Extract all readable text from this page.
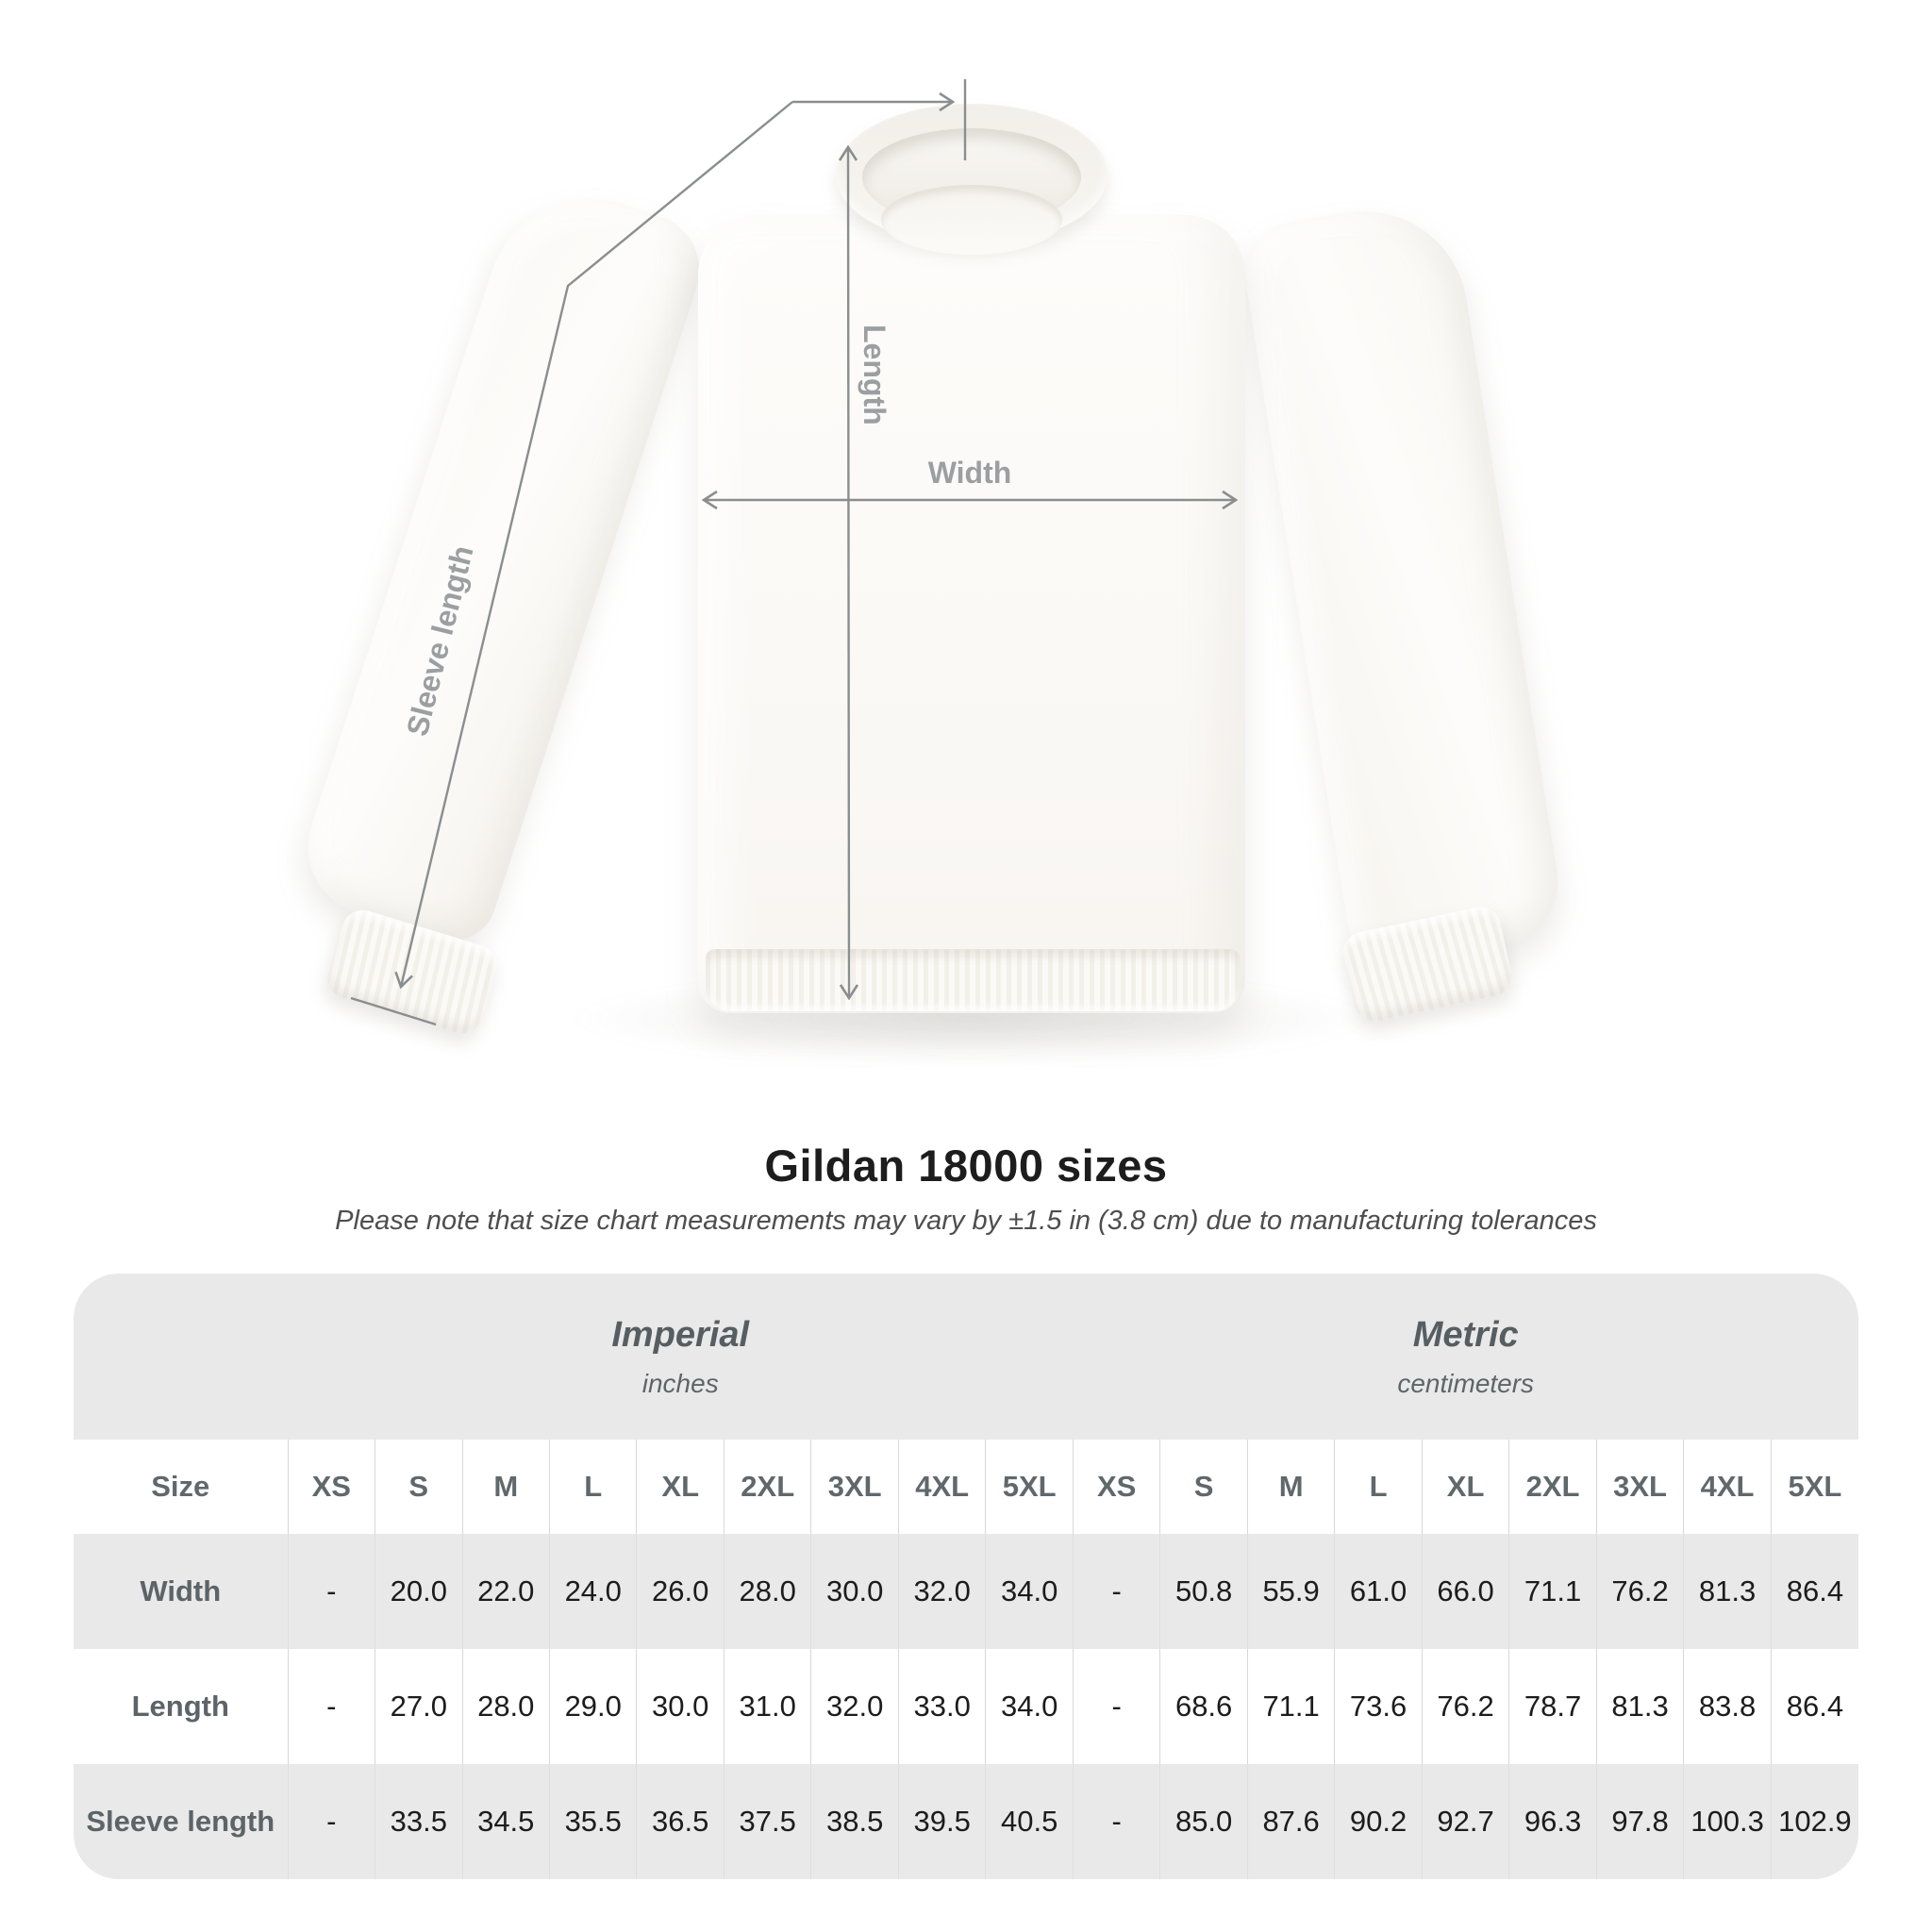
Length
Width
Sleeve length
Gildan 18000 sizes
Please note that size chart measurements may vary by ±1.5 in (3.8 cm) due to manufacturing tolerances

Imperial
inches

Metric
centimeters

Size	XS	S	M	L	XL	2XL	3XL	4XL	5XL	XS	S	M	L	XL	2XL	3XL	4XL	5XL
Width	-	20.0	22.0	24.0	26.0	28.0	30.0	32.0	34.0	-	50.8	55.9	61.0	66.0	71.1	76.2	81.3	86.4
Length	-	27.0	28.0	29.0	30.0	31.0	32.0	33.0	34.0	-	68.6	71.1	73.6	76.2	78.7	81.3	83.8	86.4
Sleeve length	-	33.5	34.5	35.5	36.5	37.5	38.5	39.5	40.5	-	85.0	87.6	90.2	92.7	96.3	97.8	100.3	102.9
